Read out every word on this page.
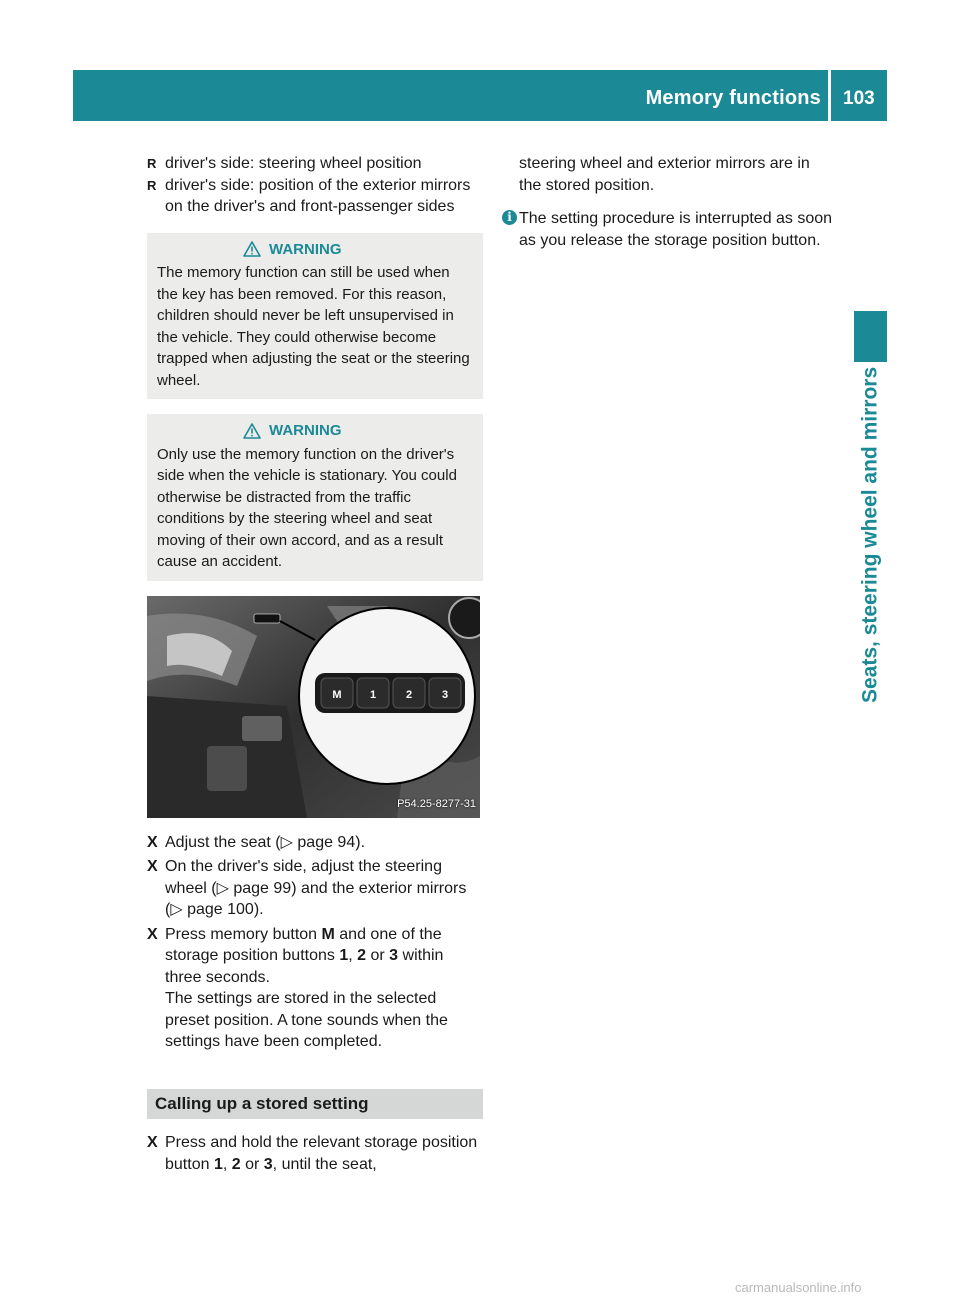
Memory functions 103
Seats, steering wheel and mirrors
R driver's side: steering wheel position
R driver's side: position of the exterior mirrors on the driver's and front-passenger sides
WARNING
The memory function can still be used when the key has been removed. For this reason, children should never be left unsupervised in the vehicle. They could otherwise become trapped when adjusting the seat or the steering wheel.
WARNING
Only use the memory function on the driver's side when the vehicle is stationary. You could otherwise be distracted from the traffic conditions by the steering wheel and seat moving of their own accord, and as a result cause an accident.
M	1	2	3
P54.25-8277-31
X Adjust the seat (▷ page 94).
X On the driver's side, adjust the steering wheel (▷ page 99) and the exterior mirrors (▷ page 100).
X Press memory button M and one of the storage position buttons 1, 2 or 3 within three seconds.
The settings are stored in the selected preset position. A tone sounds when the settings have been completed.
Calling up a stored setting
X Press and hold the relevant storage position button 1, 2 or 3, until the seat,
steering wheel and exterior mirrors are in the stored position.
i The setting procedure is interrupted as soon as you release the storage position button.
carmanualsonline.info
